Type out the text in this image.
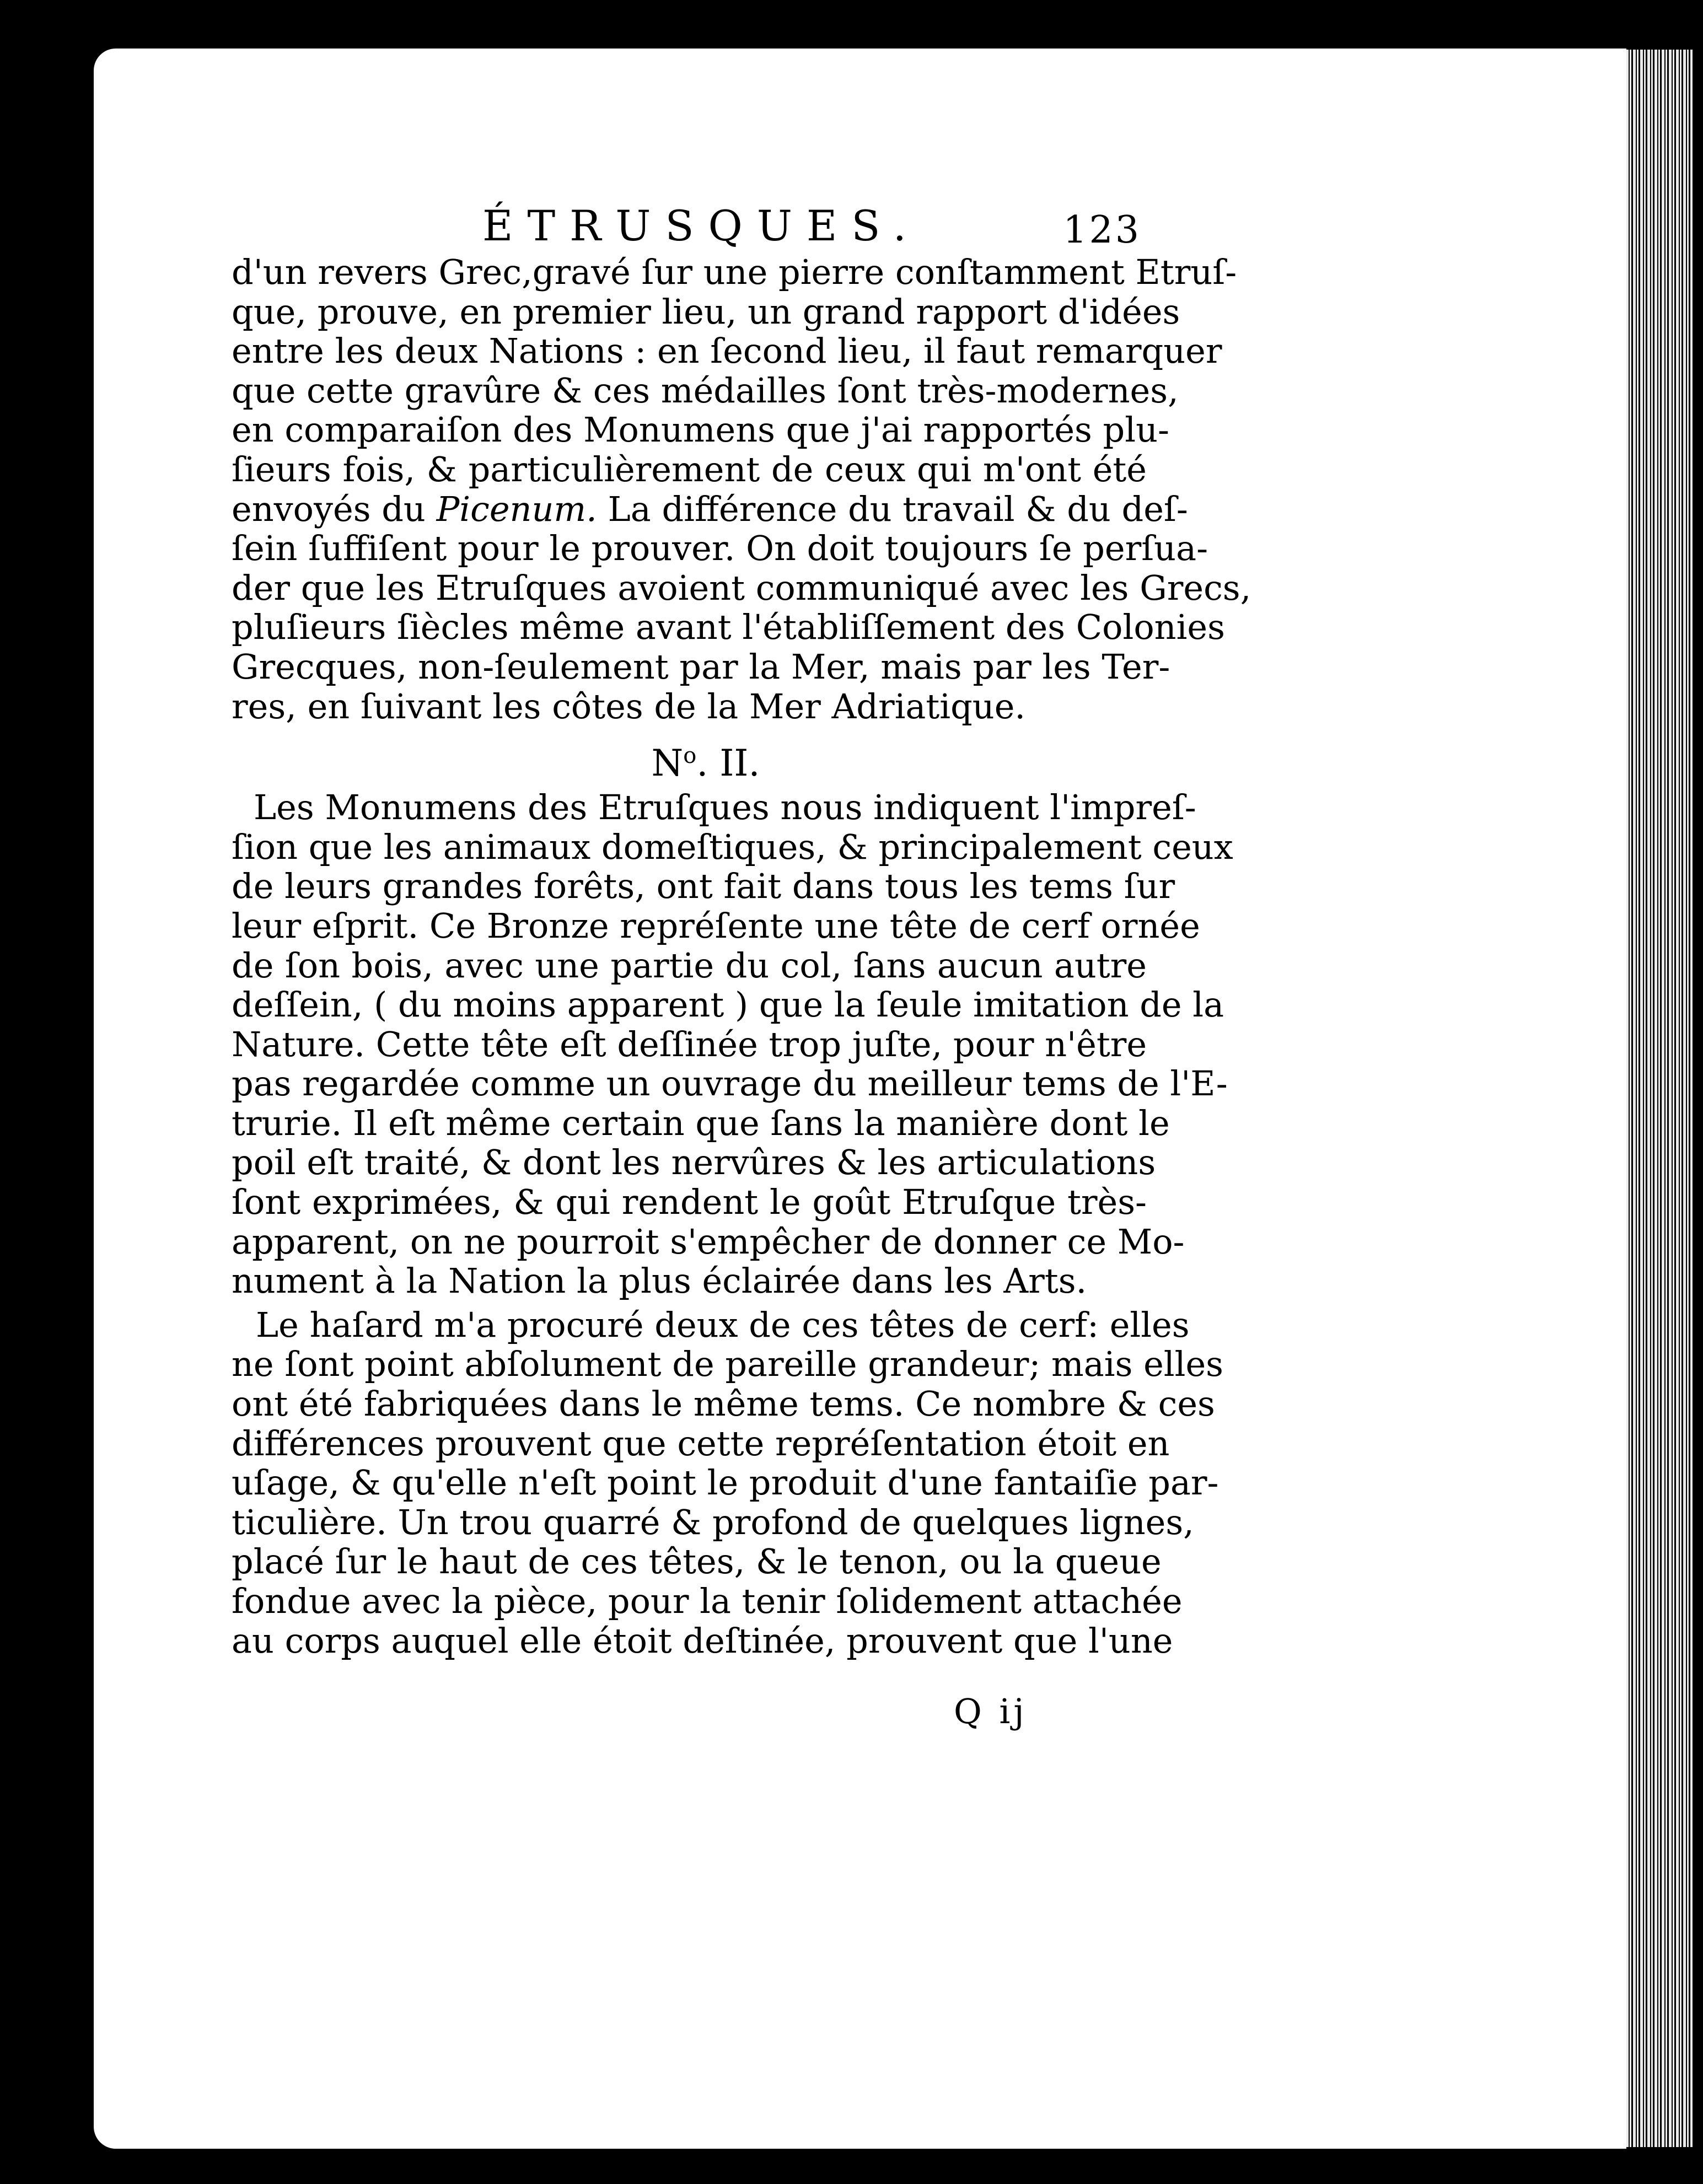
ÉTRUSQUES.	123
d'un revers Grec,gravé ſur une pierre conſtamment Etruſ-
que, prouve, en premier lieu, un grand rapport d'idées
entre les deux Nations : en ſecond lieu, il faut remarquer
que cette gravûre & ces médailles ſont très-modernes,
en comparaiſon des Monumens que j'ai rapportés plu-
ſieurs fois, & particulièrement de ceux qui m'ont été
envoyés du Picenum. La différence du travail & du deſ-
ſein ſuffiſent pour le prouver. On doit toujours ſe perſua-
der que les Etruſques avoient communiqué avec les Grecs,
pluſieurs ſiècles même avant l'établiſſement des Colonies
Grecques, non-ſeulement par la Mer, mais par les Ter-
res, en ſuivant les côtes de la Mer Adriatique.
$N^o$. II.
Les Monumens des Etruſques nous indiquent l'impreſ-
ſion que les animaux domeſtiques, & principalement ceux
de leurs grandes forêts, ont fait dans tous les tems ſur
leur eſprit. Ce Bronze repréſente une tête de cerf ornée
de ſon bois, avec une partie du col, ſans aucun autre
deſſein, ( du moins apparent ) que la ſeule imitation de la
Nature. Cette tête eſt deſſinée trop juſte, pour n'être
pas regardée comme un ouvrage du meilleur tems de l'E-
trurie. Il eſt même certain que ſans la manière dont le
poil eſt traité, & dont les nervûres & les articulations
ſont exprimées, & qui rendent le goût Etruſque très-
apparent, on ne pourroit s'empêcher de donner ce Mo-
nument à la Nation la plus éclairée dans les Arts.
Le haſard m'a procuré deux de ces têtes de cerf: elles
ne ſont point abſolument de pareille grandeur; mais elles
ont été fabriquées dans le même tems. Ce nombre & ces
différences prouvent que cette repréſentation étoit en
uſage, & qu'elle n'eſt point le produit d'une fantaiſie par-
ticulière. Un trou quarré & profond de quelques lignes,
placé ſur le haut de ces têtes, & le tenon, ou la queue
fondue avec la pièce, pour la tenir ſolidement attachée
au corps auquel elle étoit deſtinée, prouvent que l'une
Q ij
